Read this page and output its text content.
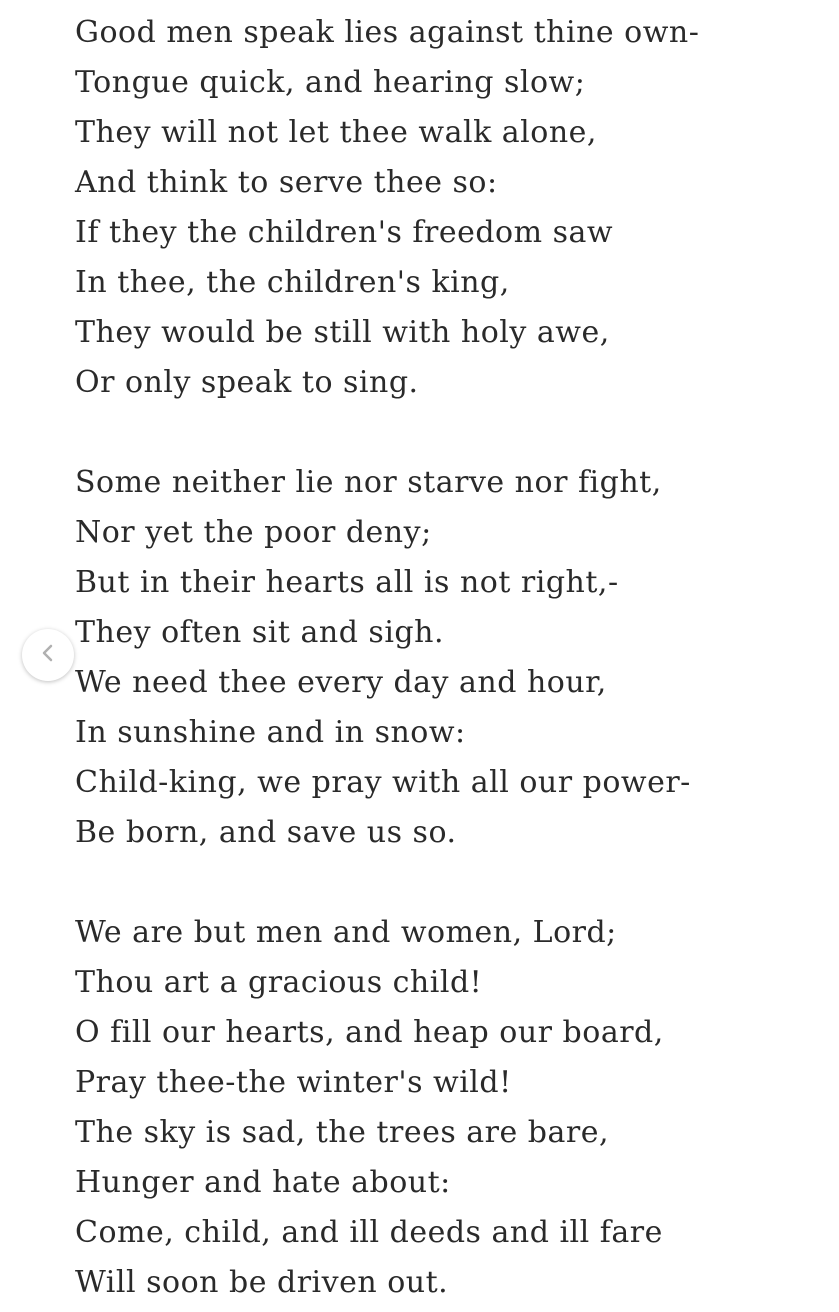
Good men speak lies against thine own-
Tongue quick, and hearing slow;
They will not let thee walk alone,
And think to serve thee so:
If they the children's freedom saw
In thee, the children's king,
They would be still with holy awe,
Or only speak to sing.
Some neither lie nor starve nor fight,
Nor yet the poor deny;
But in their hearts all is not right,-
They often sit and sigh.
We need thee every day and hour,
In sunshine and in snow:
Child-king, we pray with all our power-
Be born, and save us so.
We are but men and women, Lord;
Thou art a gracious child!
O fill our hearts, and heap our board,
Pray thee-the winter's wild!
The sky is sad, the trees are bare,
Hunger and hate about:
Come, child, and ill deeds and ill fare
Will soon be driven out.
